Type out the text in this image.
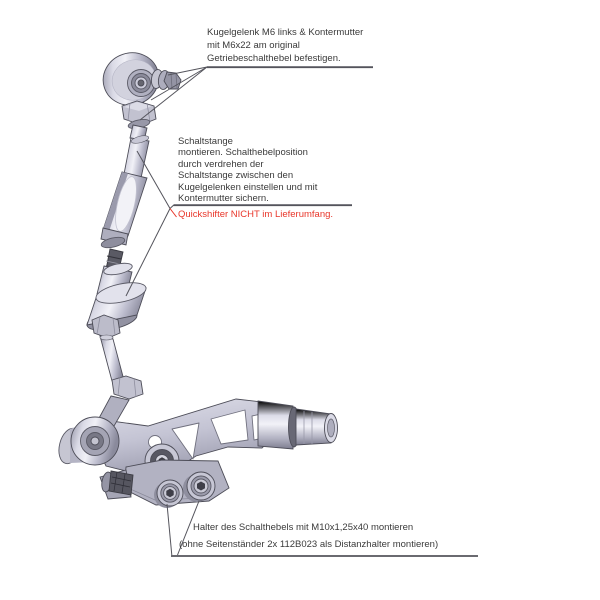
Kugelgelenk M6 links & Kontermutter
mit M6x22 am original
Getriebeschalthebel befestigen.
Schaltstange
montieren. Schalthebelposition
durch verdrehen der
Schaltstange zwischen den
Kugelgelenken einstellen und mit
Kontermutter sichern.
Quickshifter NICHT im Lieferumfang.
Halter des Schalthebels mit M10x1,25x40 montieren
(ohne Seitenständer 2x 112B023 als Distanzhalter montieren)
